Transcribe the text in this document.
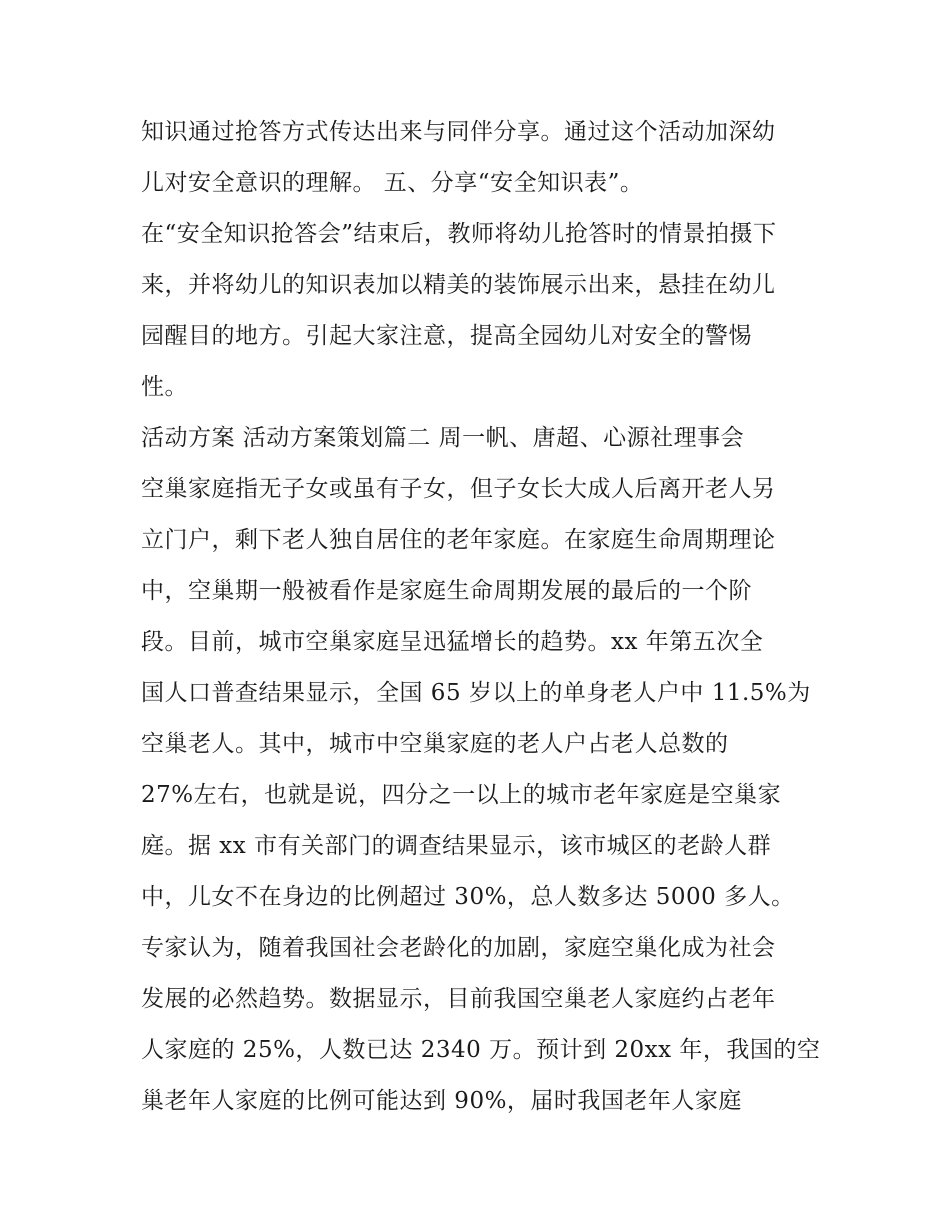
知识通过抢答方式传达出来与同伴分享。通过这个活动加深幼
儿对安全意识的理解。 五、分享“安全知识表”。
在“安全知识抢答会”结束后，教师将幼儿抢答时的情景拍摄下
来，并将幼儿的知识表加以精美的装饰展示出来，悬挂在幼儿
园醒目的地方。引起大家注意，提高全园幼儿对安全的警惕
性。
活动方案 活动方案策划篇二 周一帆、唐超、心源社理事会
空巢家庭指无子女或虽有子女，但子女长大成人后离开老人另
立门户，剩下老人独自居住的老年家庭。在家庭生命周期理论
中，空巢期一般被看作是家庭生命周期发展的最后的一个阶
段。目前，城市空巢家庭呈迅猛增长的趋势。xx 年第五次全
国人口普查结果显示，全国 65 岁以上的单身老人户中 11.5%为
空巢老人。其中，城市中空巢家庭的老人户占老人总数的
27%左右，也就是说，四分之一以上的城市老年家庭是空巢家
庭。据 xx 市有关部门的调查结果显示，该市城区的老龄人群
中，儿女不在身边的比例超过 30%，总人数多达 5000 多人。
专家认为，随着我国社会老龄化的加剧，家庭空巢化成为社会
发展的必然趋势。数据显示，目前我国空巢老人家庭约占老年
人家庭的 25%，人数已达 2340 万。预计到 20xx 年，我国的空
巢老年人家庭的比例可能达到 90%，届时我国老年人家庭
